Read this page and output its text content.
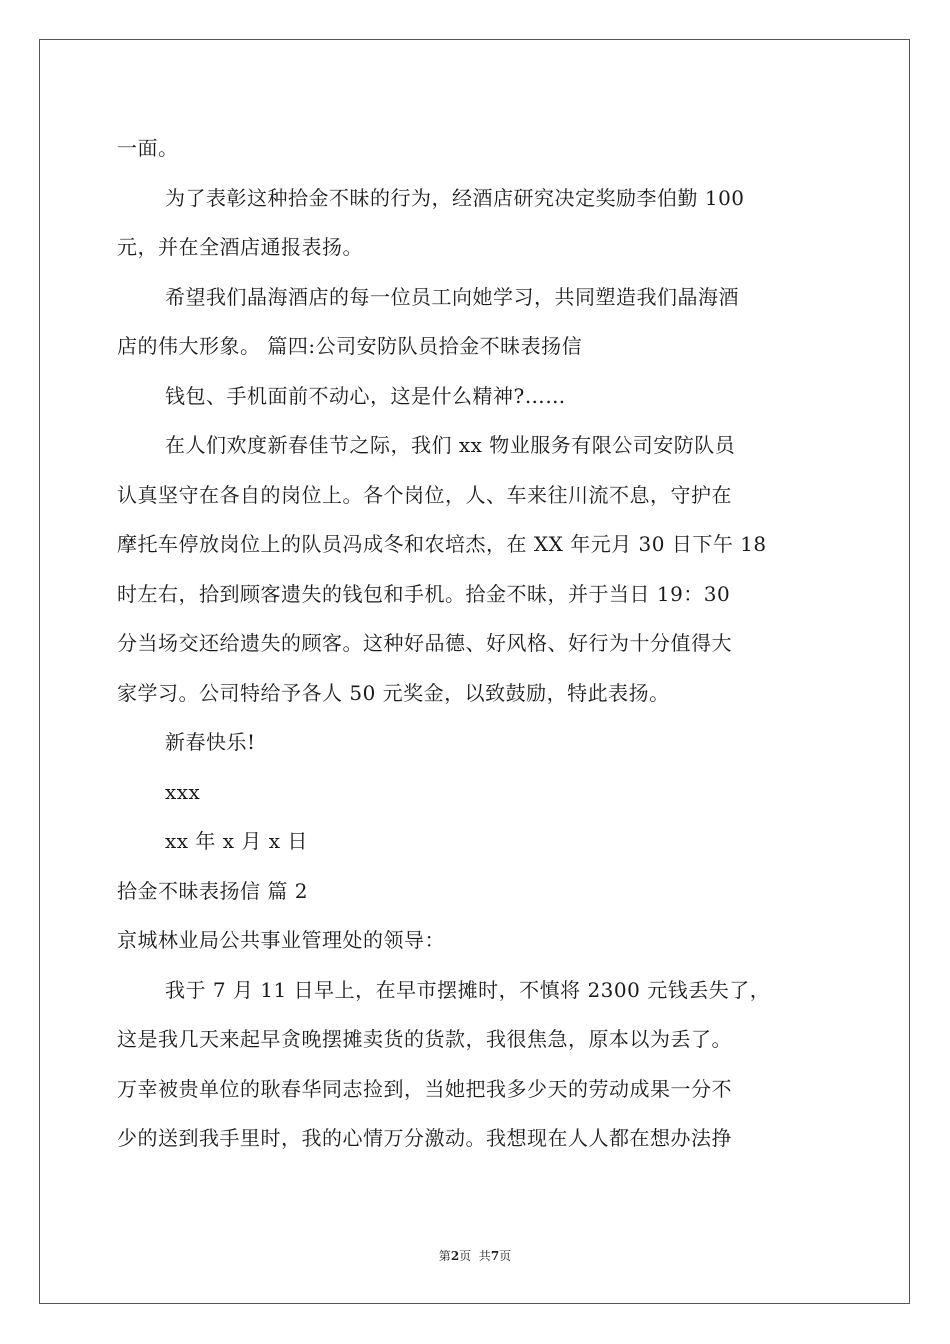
一面。
为了表彰这种拾金不昧的行为，经酒店研究决定奖励李伯勤 100
元，并在全酒店通报表扬。
希望我们晶海酒店的每一位员工向她学习，共同塑造我们晶海酒
店的伟大形象。 篇四:公司安防队员拾金不昧表扬信
钱包、手机面前不动心，这是什么精神?……
在人们欢度新春佳节之际，我们 xx 物业服务有限公司安防队员
认真坚守在各自的岗位上。各个岗位，人、车来往川流不息，守护在
摩托车停放岗位上的队员冯成冬和农培杰，在 XX 年元月 30 日下午 18
时左右，拾到顾客遗失的钱包和手机。拾金不昧，并于当日 19：30
分当场交还给遗失的顾客。这种好品德、好风格、好行为十分值得大
家学习。公司特给予各人 50 元奖金，以致鼓励，特此表扬。
新春快乐!
xxx
xx 年 x 月 x 日
拾金不昧表扬信 篇 2
京城林业局公共事业管理处的领导：
我于 7 月 11 日早上，在早市摆摊时，不慎将 2300 元钱丢失了，
这是我几天来起早贪晚摆摊卖货的货款，我很焦急，原本以为丢了。
万幸被贵单位的耿春华同志捡到，当她把我多少天的劳动成果一分不
少的送到我手里时，我的心情万分激动。我想现在人人都在想办法挣
第2页  共7页
